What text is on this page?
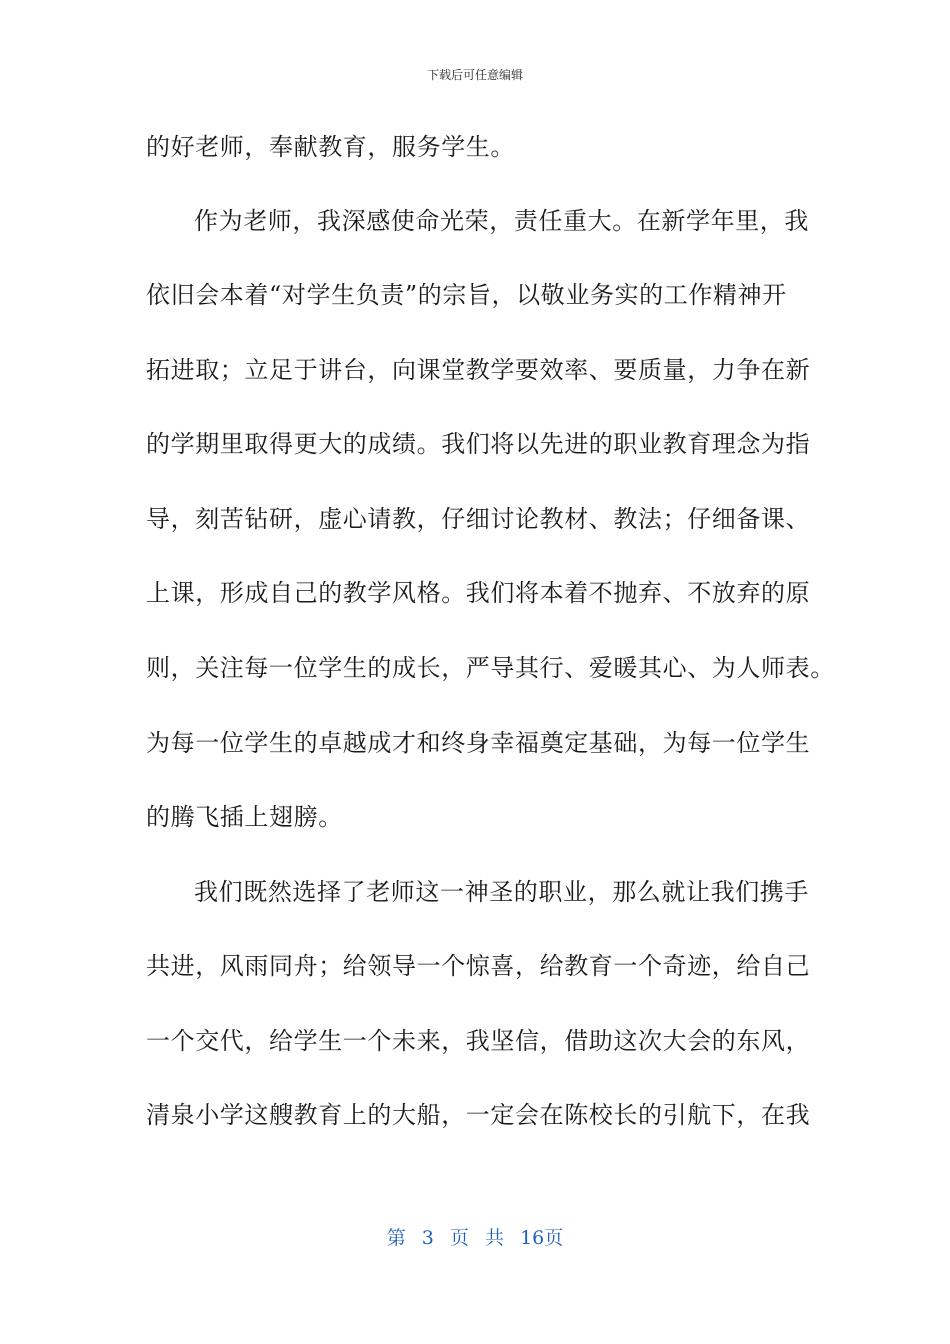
下载后可任意编辑
的好老师，奉献教育，服务学生。
作为老师，我深感使命光荣，责任重大。在新学年里，我
依旧会本着“对学生负责”的宗旨，以敬业务实的工作精神开
拓进取；立足于讲台，向课堂教学要效率、要质量，力争在新
的学期里取得更大的成绩。我们将以先进的职业教育理念为指
导，刻苦钻研，虚心请教，仔细讨论教材、教法；仔细备课、
上课，形成自己的教学风格。我们将本着不抛弃、不放弃的原
则，关注每一位学生的成长，严导其行、爱暖其心、为人师表。
为每一位学生的卓越成才和终身幸福奠定基础，为每一位学生
的腾飞插上翅膀。
我们既然选择了老师这一神圣的职业，那么就让我们携手
共进，风雨同舟；给领导一个惊喜，给教育一个奇迹，给自己
一个交代，给学生一个未来，我坚信，借助这次大会的东风，
清泉小学这艘教育上的大船，一定会在陈校长的引航下，在我
第 3 页 共 16页
